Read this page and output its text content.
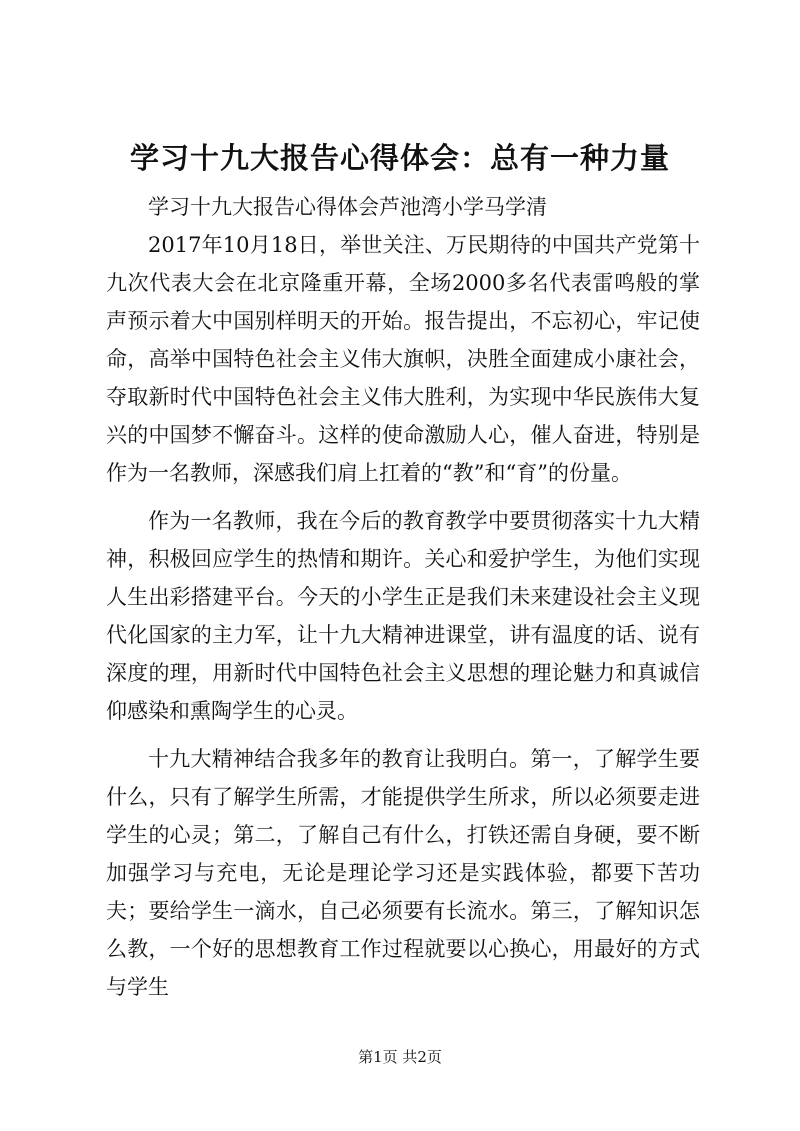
学习十九大报告心得体会：总有一种力量

学习十九大报告心得体会芦池湾小学马学清

2017年10月18日，举世关注、万民期待的中国共产党第十九次代表大会在北京隆重开幕，全场2000多名代表雷鸣般的掌声预示着大中国别样明天的开始。报告提出，不忘初心，牢记使命，高举中国特色社会主义伟大旗帜，决胜全面建成小康社会，夺取新时代中国特色社会主义伟大胜利，为实现中华民族伟大复兴的中国梦不懈奋斗。这样的使命激励人心，催人奋进，特别是作为一名教师，深感我们肩上扛着的“教”和“育”的份量。

作为一名教师，我在今后的教育教学中要贯彻落实十九大精神，积极回应学生的热情和期许。关心和爱护学生，为他们实现人生出彩搭建平台。今天的小学生正是我们未来建设社会主义现代化国家的主力军，让十九大精神进课堂，讲有温度的话、说有深度的理，用新时代中国特色社会主义思想的理论魅力和真诚信仰感染和熏陶学生的心灵。

十九大精神结合我多年的教育让我明白。第一，了解学生要什么，只有了解学生所需，才能提供学生所求，所以必须要走进学生的心灵；第二，了解自己有什么，打铁还需自身硬，要不断加强学习与充电，无论是理论学习还是实践体验，都要下苦功夫；要给学生一滴水，自己必须要有长流水。第三，了解知识怎么教，一个好的思想教育工作过程就要以心换心，用最好的方式与学生

第1页 共2页
